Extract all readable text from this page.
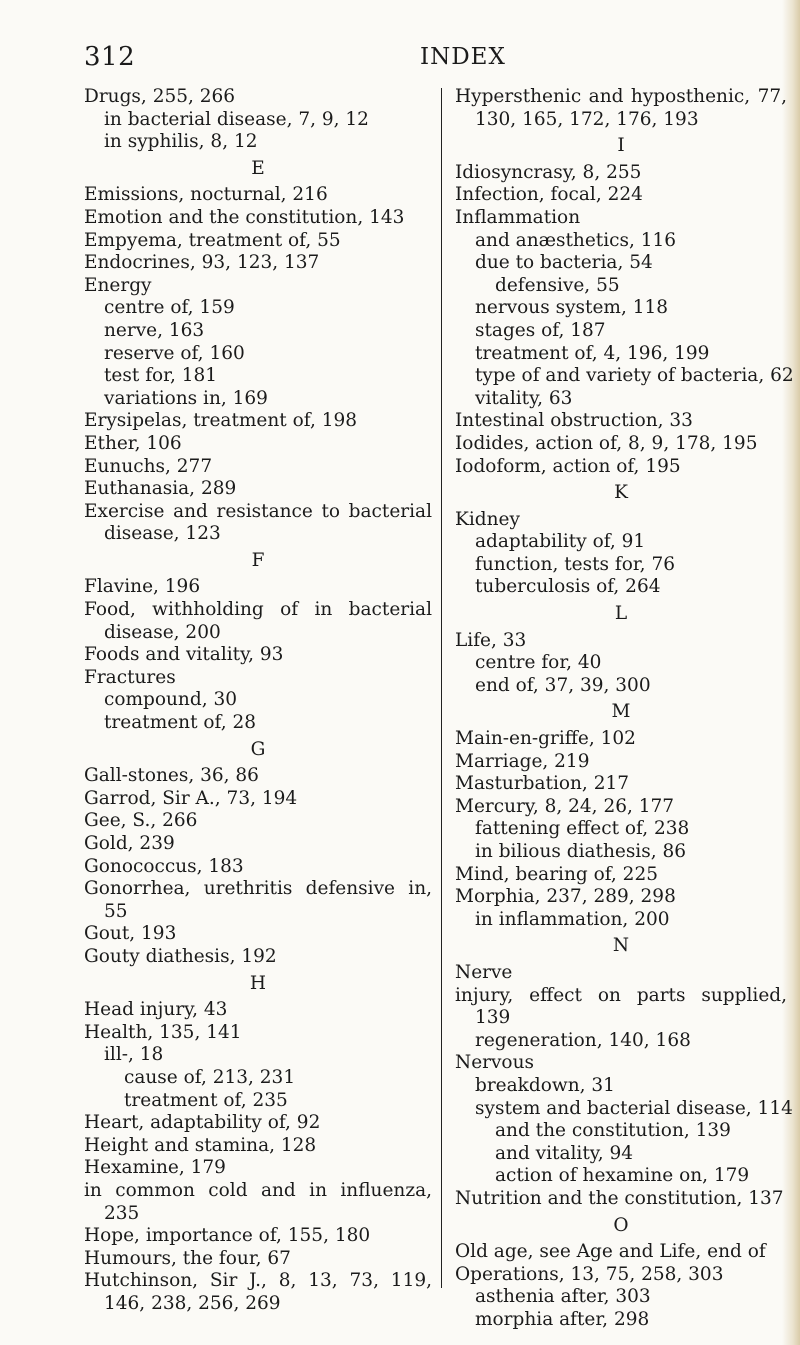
312	INDEX
Drugs, 255, 266
in bacterial disease, 7, 9, 12
in syphilis, 8, 12
E
Emissions, nocturnal, 216
Emotion and the constitution, 143
Empyema, treatment of, 55
Endocrines, 93, 123, 137
Energy
centre of, 159
nerve, 163
reserve of, 160
test for, 181
variations in, 169
Erysipelas, treatment of, 198
Ether, 106
Eunuchs, 277
Euthanasia, 289
Exercise and resistance to bacterial disease, 123
F
Flavine, 196
Food, withholding of in bacterial disease, 200
Foods and vitality, 93
Fractures
compound, 30
treatment of, 28
G
Gall-stones, 36, 86
Garrod, Sir A., 73, 194
Gee, S., 266
Gold, 239
Gonococcus, 183
Gonorrhea, urethritis defensive in, 55
Gout, 193
Gouty diathesis, 192
H
Head injury, 43
Health, 135, 141
ill-, 18
cause of, 213, 231
treatment of, 235
Heart, adaptability of, 92
Height and stamina, 128
Hexamine, 179
in common cold and in influenza, 235
Hope, importance of, 155, 180
Humours, the four, 67
Hutchinson, Sir J., 8, 13, 73, 119, 146, 238, 256, 269
Hypersthenic and hyposthenic, 77, 130, 165, 172, 176, 193
I
Idiosyncrasy, 8, 255
Infection, focal, 224
Inflammation
and anæsthetics, 116
due to bacteria, 54
defensive, 55
nervous system, 118
stages of, 187
treatment of, 4, 196, 199
type of and variety of bacteria, 62
vitality, 63
Intestinal obstruction, 33
Iodides, action of, 8, 9, 178, 195
Iodoform, action of, 195
K
Kidney
adaptability of, 91
function, tests for, 76
tuberculosis of, 264
L
Life, 33
centre for, 40
end of, 37, 39, 300
M
Main-en-griffe, 102
Marriage, 219
Masturbation, 217
Mercury, 8, 24, 26, 177
fattening effect of, 238
in bilious diathesis, 86
Mind, bearing of, 225
Morphia, 237, 289, 298
in inflammation, 200
N
Nerve
injury, effect on parts supplied, 139
regeneration, 140, 168
Nervous
breakdown, 31
system and bacterial disease, 114
and the constitution, 139
and vitality, 94
action of hexamine on, 179
Nutrition and the constitution, 137
O
Old age, see Age and Life, end of
Operations, 13, 75, 258, 303
asthenia after, 303
morphia after, 298
